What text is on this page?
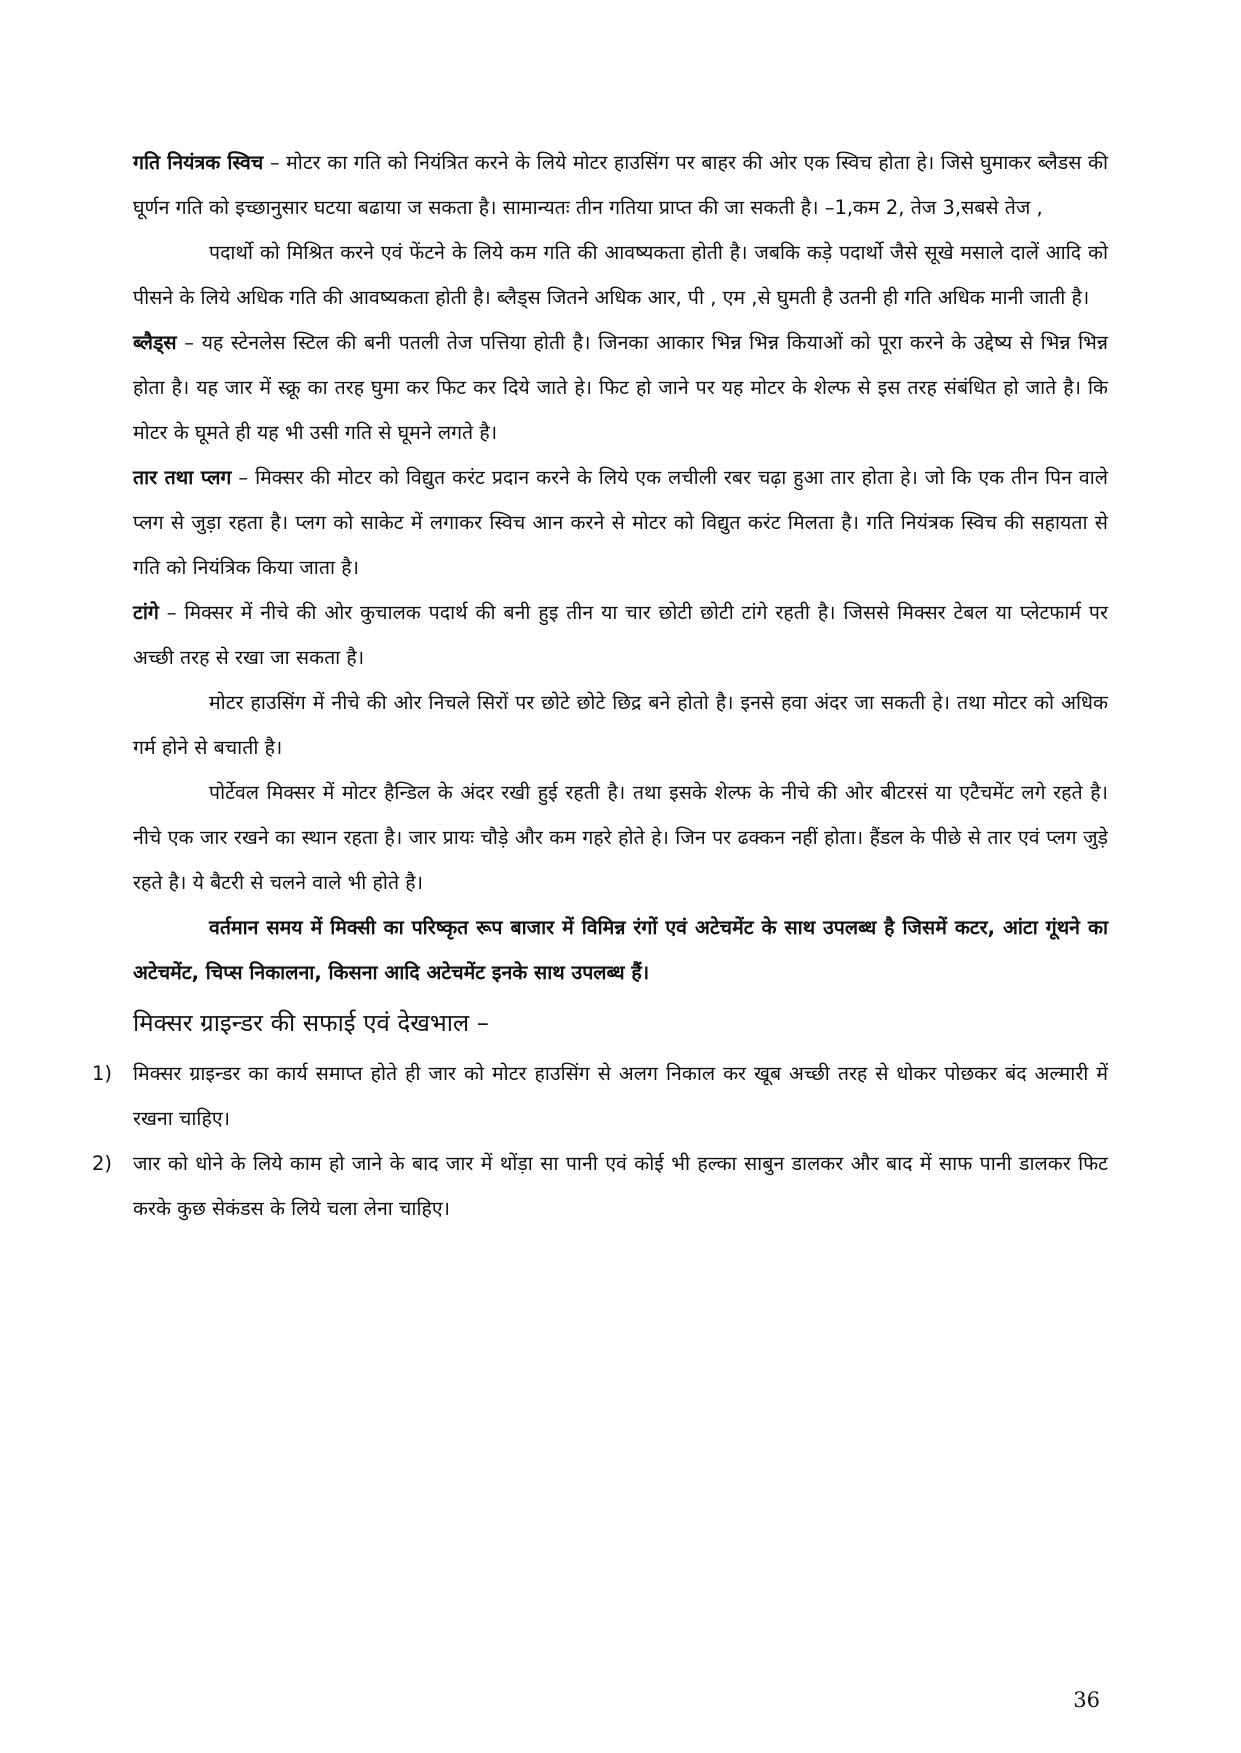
गति नियंत्रक स्विच – मोटर का गति को नियंत्रित करने के लिये मोटर हाउसिंग पर बाहर की ओर एक स्विच होता हे। जिसे घुमाकर ब्लैडस की घूर्णन गति को इच्छानुसार घटया बढाया ज सकता है। सामान्यतः तीन गतिया प्राप्त की जा सकती है। –1,कम 2, तेज 3,सबसे तेज ,

पदार्थो को मिश्रित करने एवं फेंटने के लिये कम गति की आवष्यकता होती है। जबकि कड़े पदार्थो जैसे सूखे मसाले दालें आदि को पीसने के लिये अधिक गति की आवष्यकता होती है। ब्लैड्स जितने अधिक आर, पी , एम ,से घुमती है उतनी ही गति अधिक मानी जाती है।

ब्लैड्स – यह स्टेनलेस स्टिल की बनी पतली तेज पत्तिया होती है। जिनका आकार भिन्न भिन्न कियाओं को पूरा करने के उद्देष्य से भिन्न भिन्न होता है। यह जार में स्क्रू का तरह घुमा कर फिट कर दिये जाते हे। फिट हो जाने पर यह मोटर के शेल्फ से इस तरह संबंधित हो जाते है। कि मोटर के घूमते ही यह भी उसी गति से घूमने लगते है।

तार तथा प्लग – मिक्सर की मोटर को विद्युत करंट प्रदान करने के लिये एक लचीली रबर चढ़ा हुआ तार होता हे। जो कि एक तीन पिन वाले प्लग से जुड़ा रहता है। प्लग को साकेट में लगाकर स्विच आन करने से मोटर को विद्युत करंट मिलता है। गति नियंत्रक स्विच की सहायता से गति को नियंत्रिक किया जाता है।

टांगे – मिक्सर में नीचे की ओर कुचालक पदार्थ की बनी हुइ तीन या चार छोटी छोटी टांगे रहती है। जिससे मिक्सर टेबल या प्लेटफार्म पर अच्छी तरह से रखा जा सकता है।

मोटर हाउसिंग में नीचे की ओर निचले सिरों पर छोटे छोटे छिद्र बने होतो है। इनसे हवा अंदर जा सकती हे। तथा मोटर को अधिक गर्म होने से बचाती है।

पोर्टेवल मिक्सर में मोटर हैन्डिल के अंदर रखी हुई रहती है। तथा इसके शेल्फ के नीचे की ओर बीटरसं या एटैचमेंट लगे रहते है। नीचे एक जार रखने का स्थान रहता है। जार प्रायः चौड़े और कम गहरे होते हे। जिन पर ढक्कन नहीं होता। हैंडल के पीछे से तार एवं प्लग जुड़े रहते है। ये बैटरी से चलने वाले भी होते है।

वर्तमान समय में मिक्सी का परिष्कृत रूप बाजार में विमिन्न रंगों एवं अटेचमेंट के साथ उपलब्ध है जिसमें कटर, आंटा गूंथने का अटेचमेंट, चिप्स निकालना, किसना आदि अटेचमेंट इनके साथ उपलब्ध हैं।

मिक्सर ग्राइन्डर की सफाई एवं देखभाल –
1) मिक्सर ग्राइन्डर का कार्य समाप्त होते ही जार को मोटर हाउसिंग से अलग निकाल कर खूब अच्छी तरह से धोकर पोछकर बंद अल्मारी में रखना चाहिए।
2) जार को धोने के लिये काम हो जाने के बाद जार में थोंड़ा सा पानी एवं कोई भी हल्का साबुन डालकर और बाद में साफ पानी डालकर फिट करके कुछ सेकंडस के लिये चला लेना चाहिए।
36
